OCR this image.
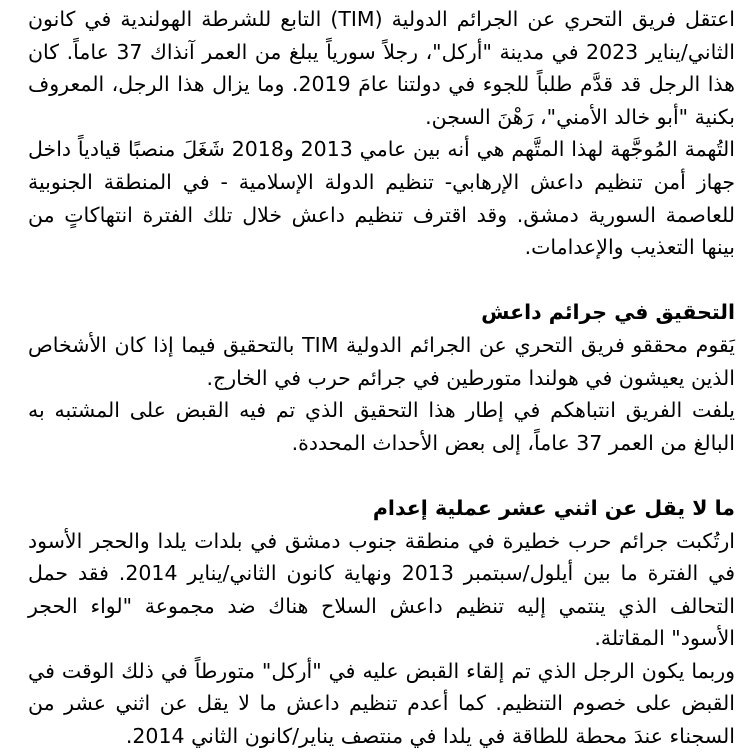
اعتقل فريق التحري عن الجرائم الدولية (TIM) التابع للشرطة الهولندية في كانون الثاني/يناير 2023 في مدينة "أركل"، رجلاً سورياً يبلغ من العمر آنذاك 37 عاماً. كان هذا الرجل قد قدَّم طلباً للجوء في دولتنا عامَ 2019. وما يزال هذا الرجل، المعروف بكنية "أبو خالد الأمني"، رَهْنَ السجن.

التُهمة المُوجَّهة لهذا المتَّهم هي أنه بين عامي 2013 و2018 شَغَلَ منصبًا قيادياً داخل جهاز أمن تنظيم داعش الإرهابي- تنظيم الدولة الإسلامية - في المنطقة الجنوبية للعاصمة السورية دمشق. وقد اقترف تنظيم داعش خلال تلك الفترة انتهاكاتٍ من بينها التعذيب والإعدامات.

التحقيق في جرائم داعش

يَقوم محققو فريق التحري عن الجرائم الدولية TIM بالتحقيق فيما إذا كان الأشخاص الذين يعيشون في هولندا متورطين في جرائم حرب في الخارج.

يلفت الفريق انتباهكم في إطار هذا التحقيق الذي تم فيه القبض على المشتبه به البالغ من العمر 37 عاماً، إلى بعض الأحداث المحددة.

ما لا يقل عن اثني عشر عملية إعدام

ارتُكبت جرائم حرب خطيرة في منطقة جنوب دمشق في بلدات يلدا والحجر الأسود في الفترة ما بين أيلول/سبتمبر 2013 ونهاية كانون الثاني/يناير 2014. فقد حمل التحالف الذي ينتمي إليه تنظيم داعش السلاح هناك ضد مجموعة "لواء الحجر الأسود" المقاتلة.

وربما يكون الرجل الذي تم إلقاء القبض عليه في "أركل" متورطاً في ذلك الوقت في القبض على خصوم التنظيم. كما أعدم تنظيم داعش ما لا يقل عن اثني عشر من السجناء عندَ محطة للطاقة في يلدا في منتصف يناير/كانون الثاني 2014.
